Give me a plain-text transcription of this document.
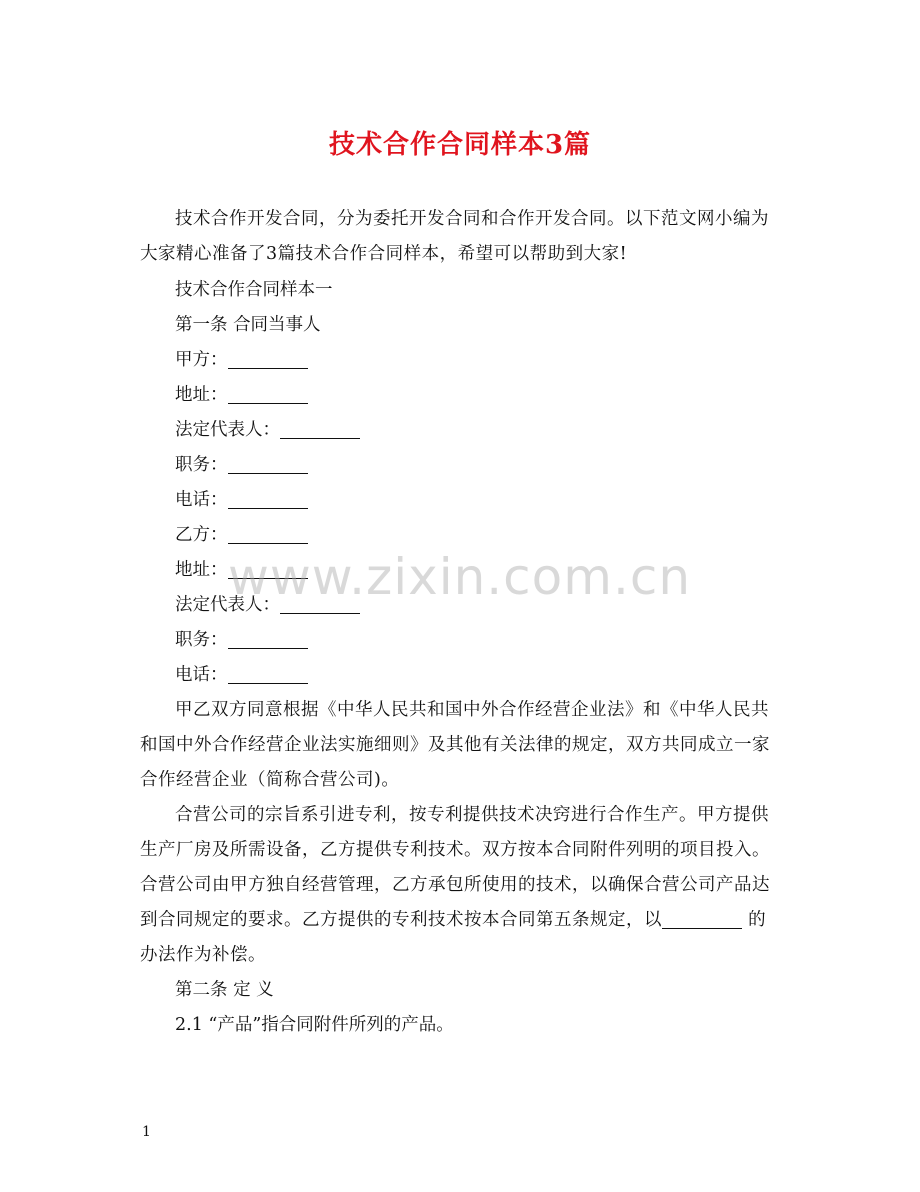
技术合作合同样本3篇

技术合作开发合同，分为委托开发合同和合作开发合同。以下范文网小编为大家精心准备了3篇技术合作合同样本，希望可以帮助到大家!

技术合作合同样本一
第一条 合同当事人
甲方：
地址：
法定代表人：
职务：
电话：
乙方：
地址：
法定代表人：
职务：
电话：

甲乙双方同意根据《中华人民共和国中外合作经营企业法》和《中华人民共和国中外合作经营企业法实施细则》及其他有关法律的规定，双方共同成立一家合作经营企业（简称合营公司)。

合营公司的宗旨系引进专利，按专利提供技术决窍进行合作生产。甲方提供生产厂房及所需设备，乙方提供专利技术。双方按本合同附件列明的项目投入。合营公司由甲方独自经营管理，乙方承包所使用的技术，以确保合营公司产品达到合同规定的要求。乙方提供的专利技术按本合同第五条规定，以	的办法作为补偿。

第二条 定 义
2.1 “产品”指合同附件所列的产品。
www.zixin.com.cn
1
